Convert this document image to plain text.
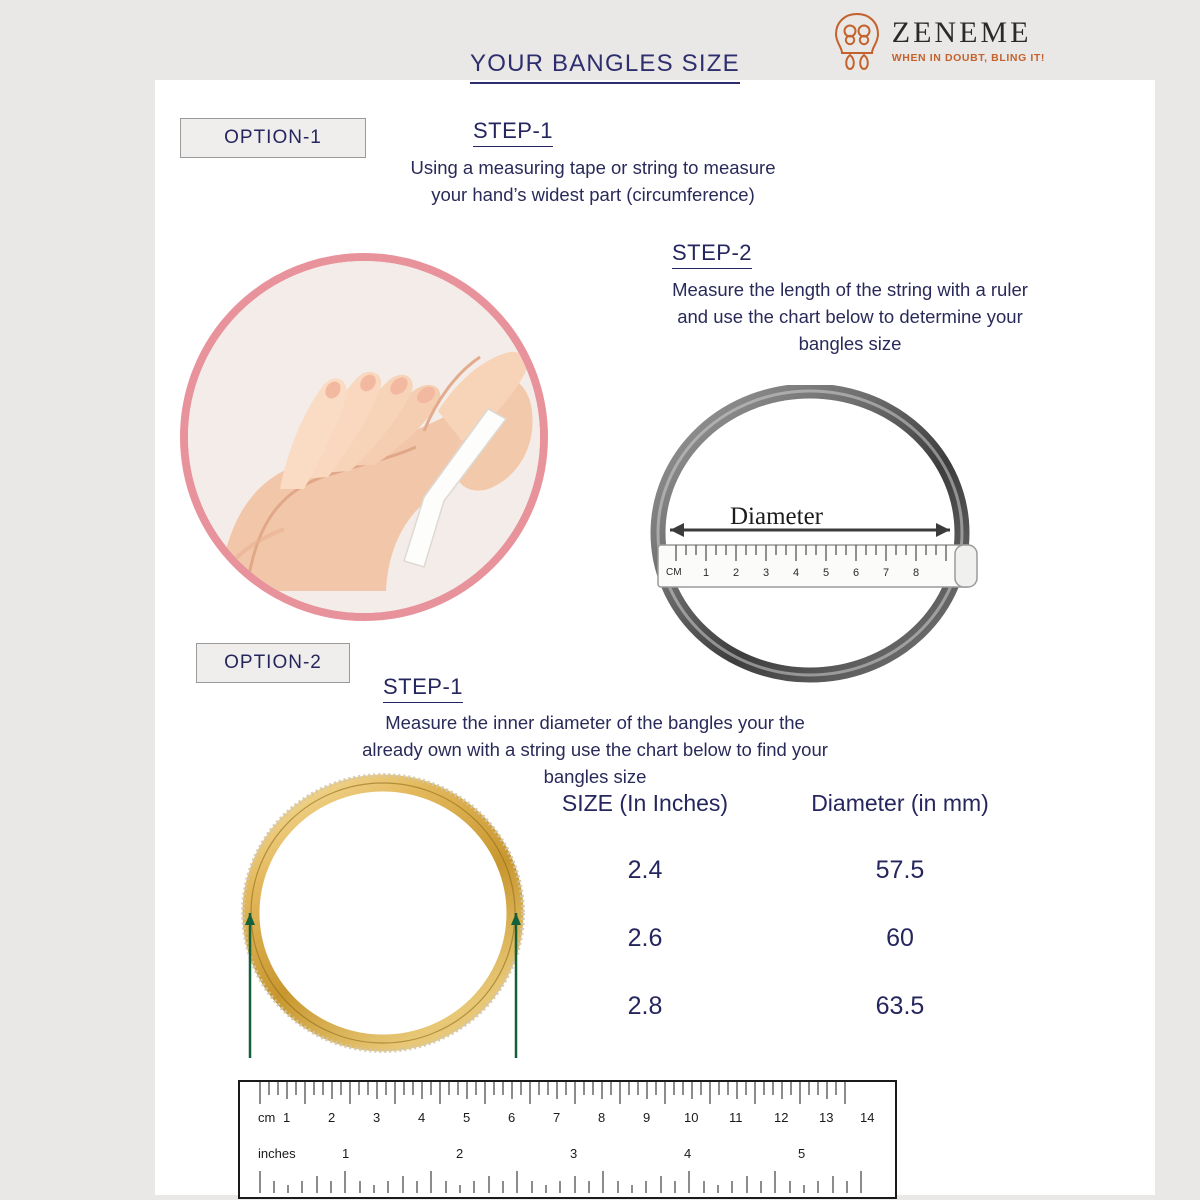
ZENEME
WHEN IN DOUBT, BLING IT!
YOUR BANGLES SIZE
OPTION-1	STEP-1
Using a measuring tape or string to measure your hand’s widest part (circumference)
STEP-2
Measure the length of the string with a ruler and use the chart below to determine your bangles size
CM 1 2 3 4 5 6 7 8
Diameter
OPTION-2
STEP-1
Measure the inner diameter of the bangles your the already own with a string use the chart below to find your bangles size
SIZE (In Inches)	Diameter (in mm)
2.4	57.5
2.6	60
2.8	63.5
cm 1	2	3	4	5	6	7	8	9	10 11 12 13 14
inches	1	2	3	4	5
